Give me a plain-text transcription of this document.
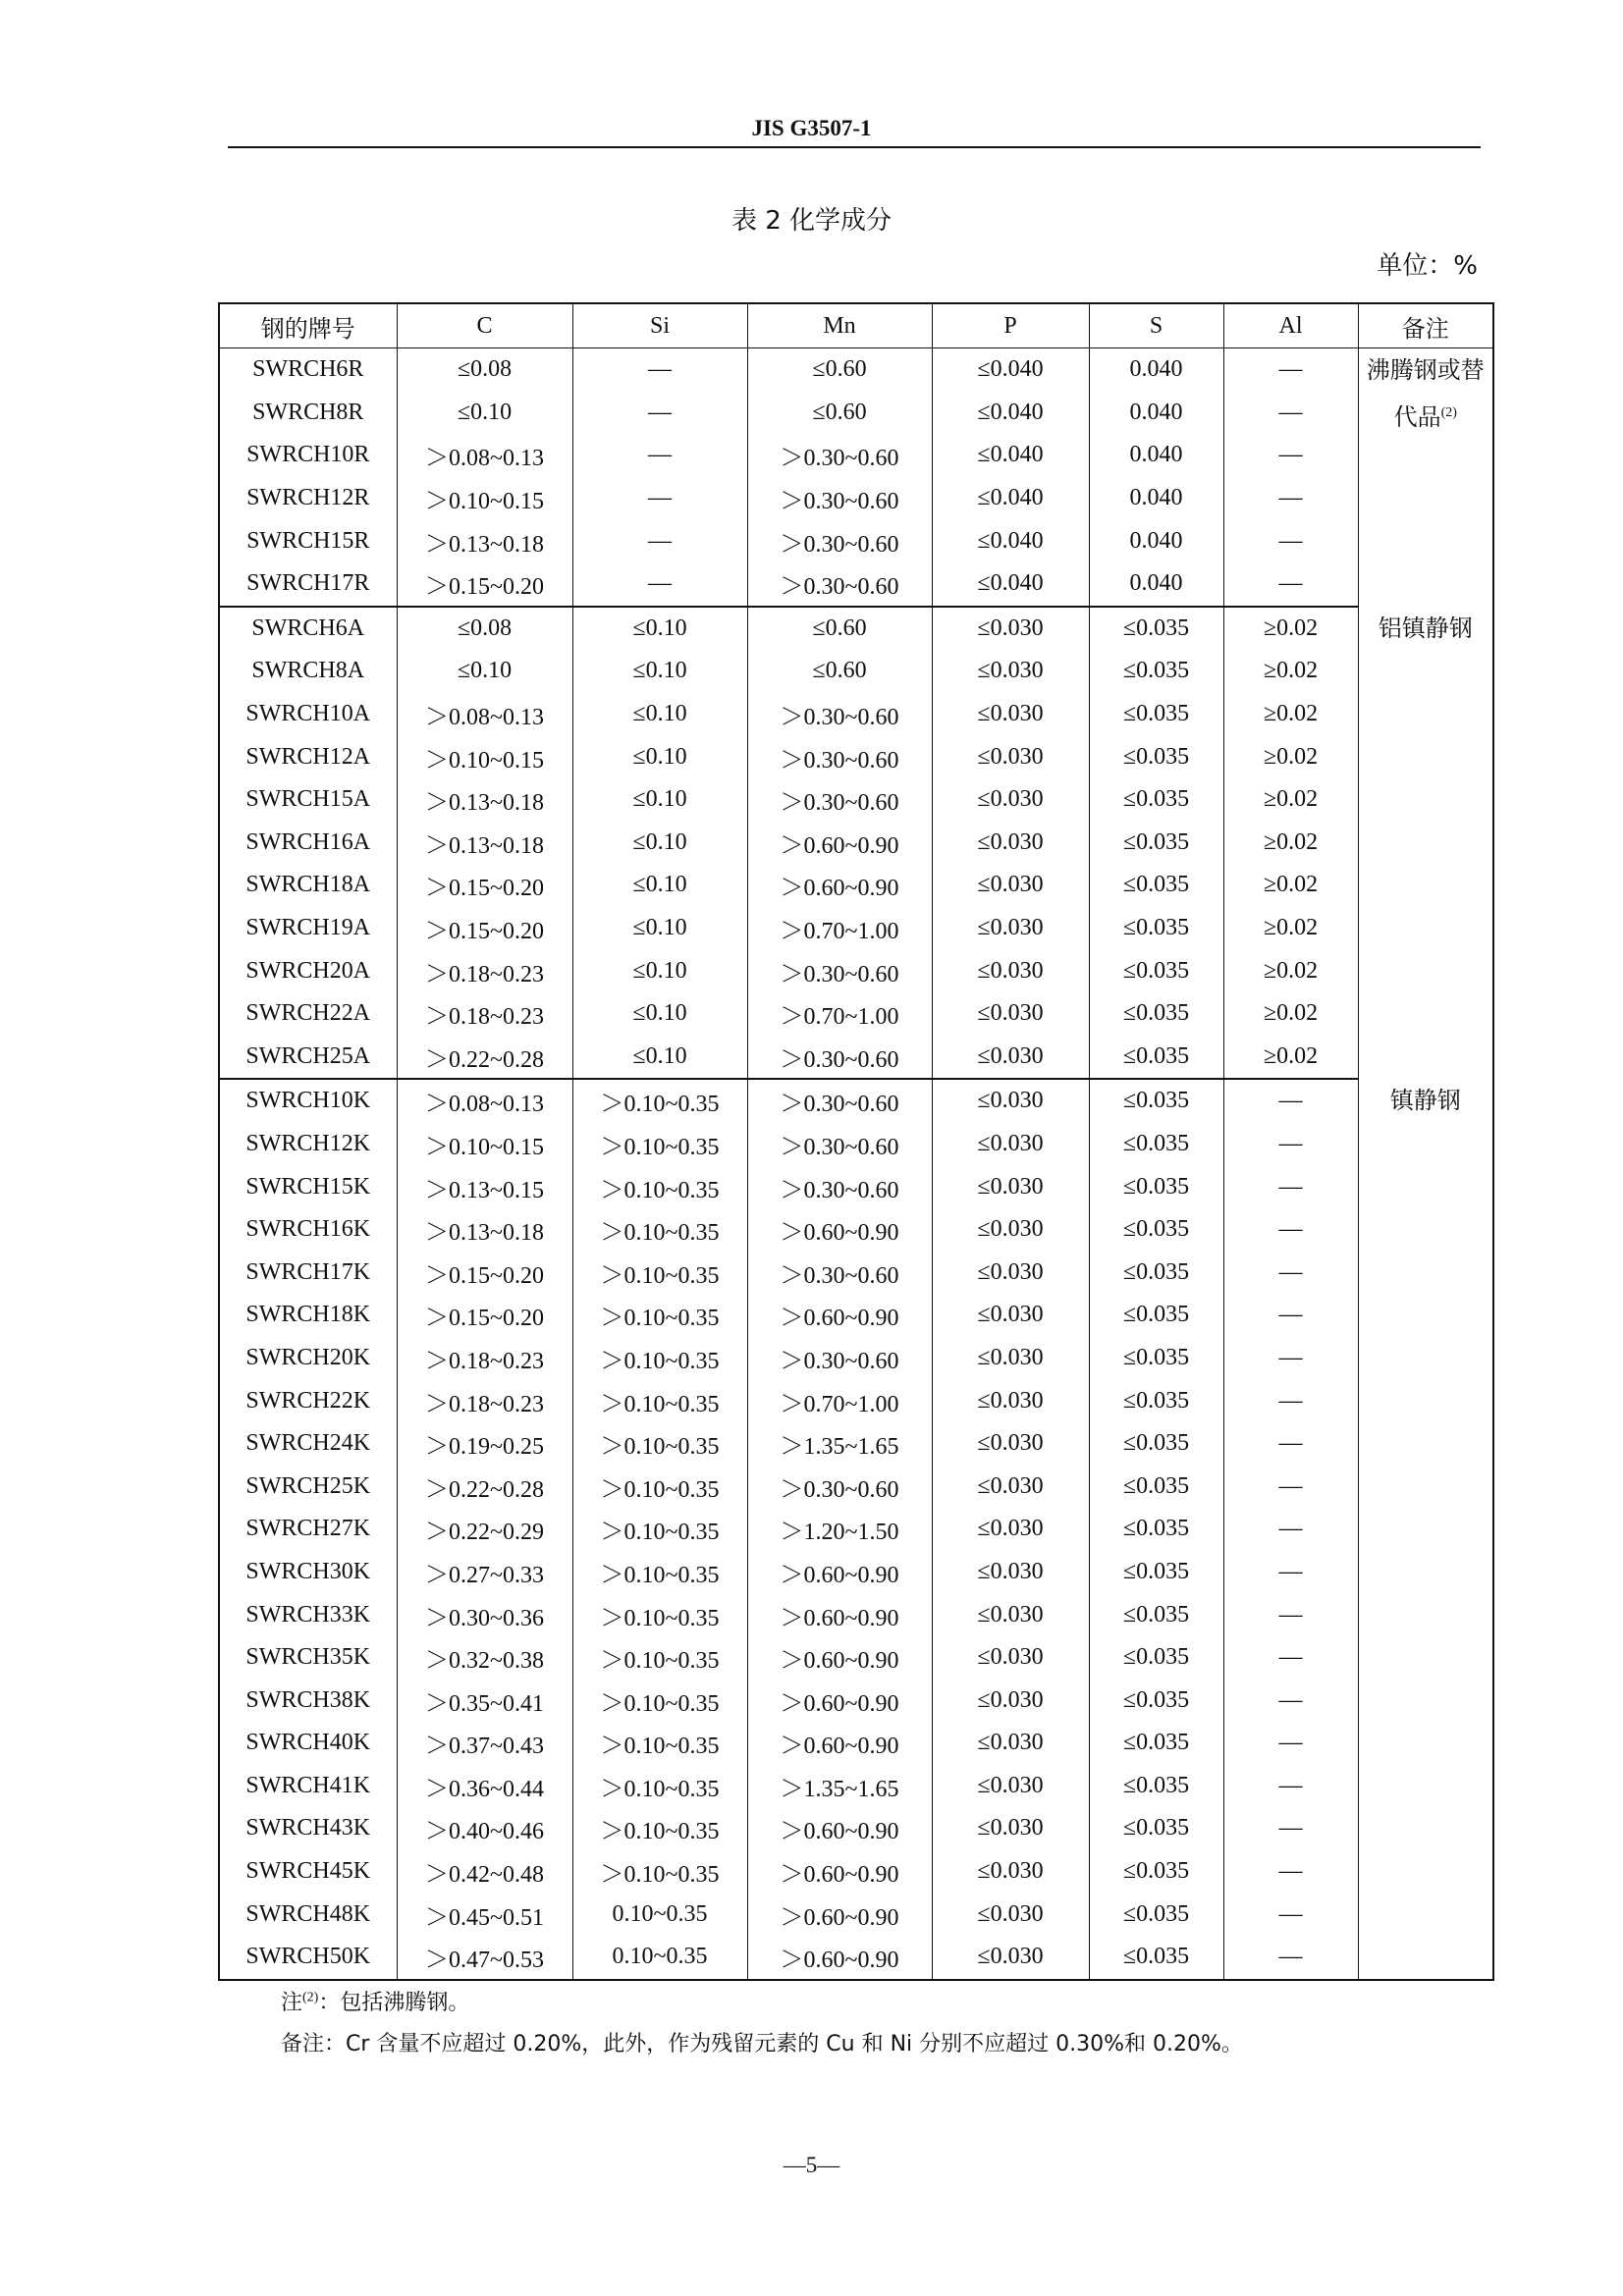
JIS G3507-1
表 2 化学成分
单位：%
钢的牌号	C	Si	Mn	P	S	Al	备注
SWRCH6R	≤0.08	—	≤0.60	≤0.040	0.040	—	沸腾钢或替代品$^{(2)}$
SWRCH8R	≤0.10	—	≤0.60	≤0.040	0.040	—	
SWRCH10R	＞0.08~0.13	—	＞0.30~0.60	≤0.040	0.040	—	
SWRCH12R	＞0.10~0.15	—	＞0.30~0.60	≤0.040	0.040	—	
SWRCH15R	＞0.13~0.18	—	＞0.30~0.60	≤0.040	0.040	—	
SWRCH17R	＞0.15~0.20	—	＞0.30~0.60	≤0.040	0.040	—	
SWRCH6A	≤0.08	≤0.10	≤0.60	≤0.030	≤0.035	≥0.02	铝镇静钢
SWRCH8A	≤0.10	≤0.10	≤0.60	≤0.030	≤0.035	≥0.02	
SWRCH10A	＞0.08~0.13	≤0.10	＞0.30~0.60	≤0.030	≤0.035	≥0.02	
SWRCH12A	＞0.10~0.15	≤0.10	＞0.30~0.60	≤0.030	≤0.035	≥0.02	
SWRCH15A	＞0.13~0.18	≤0.10	＞0.30~0.60	≤0.030	≤0.035	≥0.02	
SWRCH16A	＞0.13~0.18	≤0.10	＞0.60~0.90	≤0.030	≤0.035	≥0.02	
SWRCH18A	＞0.15~0.20	≤0.10	＞0.60~0.90	≤0.030	≤0.035	≥0.02	
SWRCH19A	＞0.15~0.20	≤0.10	＞0.70~1.00	≤0.030	≤0.035	≥0.02	
SWRCH20A	＞0.18~0.23	≤0.10	＞0.30~0.60	≤0.030	≤0.035	≥0.02	
SWRCH22A	＞0.18~0.23	≤0.10	＞0.70~1.00	≤0.030	≤0.035	≥0.02	
SWRCH25A	＞0.22~0.28	≤0.10	＞0.30~0.60	≤0.030	≤0.035	≥0.02	
SWRCH10K	＞0.08~0.13	＞0.10~0.35	＞0.30~0.60	≤0.030	≤0.035	—	镇静钢
SWRCH12K	＞0.10~0.15	＞0.10~0.35	＞0.30~0.60	≤0.030	≤0.035	—	
SWRCH15K	＞0.13~0.15	＞0.10~0.35	＞0.30~0.60	≤0.030	≤0.035	—	
SWRCH16K	＞0.13~0.18	＞0.10~0.35	＞0.60~0.90	≤0.030	≤0.035	—	
SWRCH17K	＞0.15~0.20	＞0.10~0.35	＞0.30~0.60	≤0.030	≤0.035	—	
SWRCH18K	＞0.15~0.20	＞0.10~0.35	＞0.60~0.90	≤0.030	≤0.035	—	
SWRCH20K	＞0.18~0.23	＞0.10~0.35	＞0.30~0.60	≤0.030	≤0.035	—	
SWRCH22K	＞0.18~0.23	＞0.10~0.35	＞0.70~1.00	≤0.030	≤0.035	—	
SWRCH24K	＞0.19~0.25	＞0.10~0.35	＞1.35~1.65	≤0.030	≤0.035	—	
SWRCH25K	＞0.22~0.28	＞0.10~0.35	＞0.30~0.60	≤0.030	≤0.035	—	
SWRCH27K	＞0.22~0.29	＞0.10~0.35	＞1.20~1.50	≤0.030	≤0.035	—	
SWRCH30K	＞0.27~0.33	＞0.10~0.35	＞0.60~0.90	≤0.030	≤0.035	—	
SWRCH33K	＞0.30~0.36	＞0.10~0.35	＞0.60~0.90	≤0.030	≤0.035	—	
SWRCH35K	＞0.32~0.38	＞0.10~0.35	＞0.60~0.90	≤0.030	≤0.035	—	
SWRCH38K	＞0.35~0.41	＞0.10~0.35	＞0.60~0.90	≤0.030	≤0.035	—	
SWRCH40K	＞0.37~0.43	＞0.10~0.35	＞0.60~0.90	≤0.030	≤0.035	—	
SWRCH41K	＞0.36~0.44	＞0.10~0.35	＞1.35~1.65	≤0.030	≤0.035	—	
SWRCH43K	＞0.40~0.46	＞0.10~0.35	＞0.60~0.90	≤0.030	≤0.035	—	
SWRCH45K	＞0.42~0.48	＞0.10~0.35	＞0.60~0.90	≤0.030	≤0.035	—	
SWRCH48K	＞0.45~0.51	0.10~0.35	＞0.60~0.90	≤0.030	≤0.035	—	
SWRCH50K	＞0.47~0.53	0.10~0.35	＞0.60~0.90	≤0.030	≤0.035	—	
注$^{(2)}$：包括沸腾钢。
备注：Cr 含量不应超过 0.20%，此外，作为残留元素的 Cu 和 Ni 分别不应超过 0.30%和 0.20%。
—5—
